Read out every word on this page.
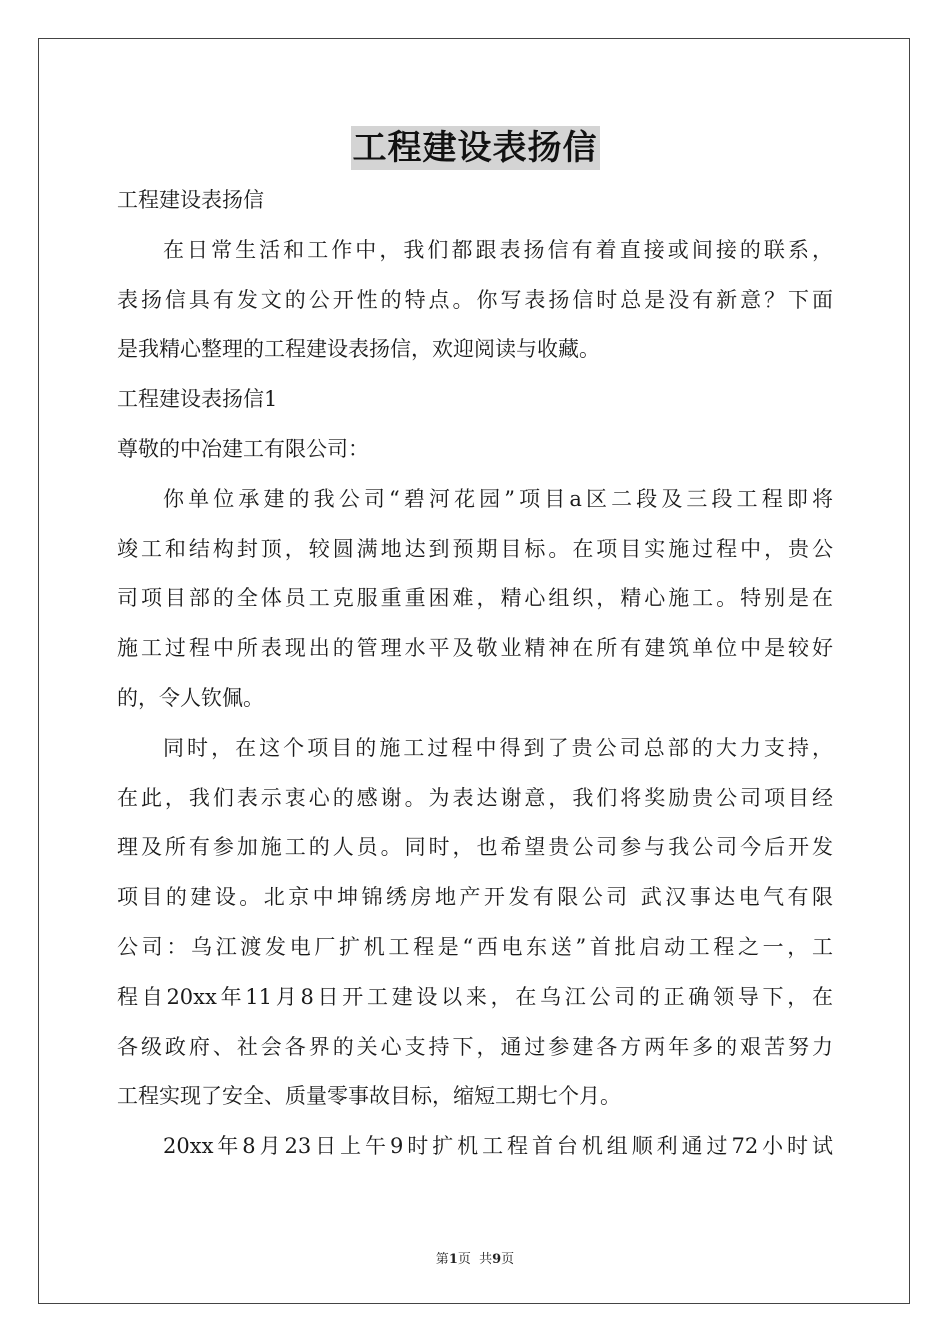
工程建设表扬信
工程建设表扬信
在日常生活和工作中，我们都跟表扬信有着直接或间接的联系，
表扬信具有发文的公开性的特点。你写表扬信时总是没有新意？下面
是我精心整理的工程建设表扬信，欢迎阅读与收藏。
工程建设表扬信1
尊敬的中冶建工有限公司：
你单位承建的我公司“碧河花园”项目a区二段及三段工程即将
竣工和结构封顶，较圆满地达到预期目标。在项目实施过程中，贵公
司项目部的全体员工克服重重困难，精心组织，精心施工。特别是在
施工过程中所表现出的管理水平及敬业精神在所有建筑单位中是较好
的，令人钦佩。
同时，在这个项目的施工过程中得到了贵公司总部的大力支持，
在此，我们表示衷心的感谢。为表达谢意，我们将奖励贵公司项目经
理及所有参加施工的人员。同时，也希望贵公司参与我公司今后开发
项目的建设。北京中坤锦绣房地产开发有限公司 武汉事达电气有限
公司：乌江渡发电厂扩机工程是“西电东送”首批启动工程之一，工
程自20xx年11月8日开工建设以来，在乌江公司的正确领导下，在
各级政府、社会各界的关心支持下，通过参建各方两年多的艰苦努力
工程实现了安全、质量零事故目标，缩短工期七个月。
20xx年8月23日上午9时扩机工程首台机组顺利通过72小时试
第1页  共9页
